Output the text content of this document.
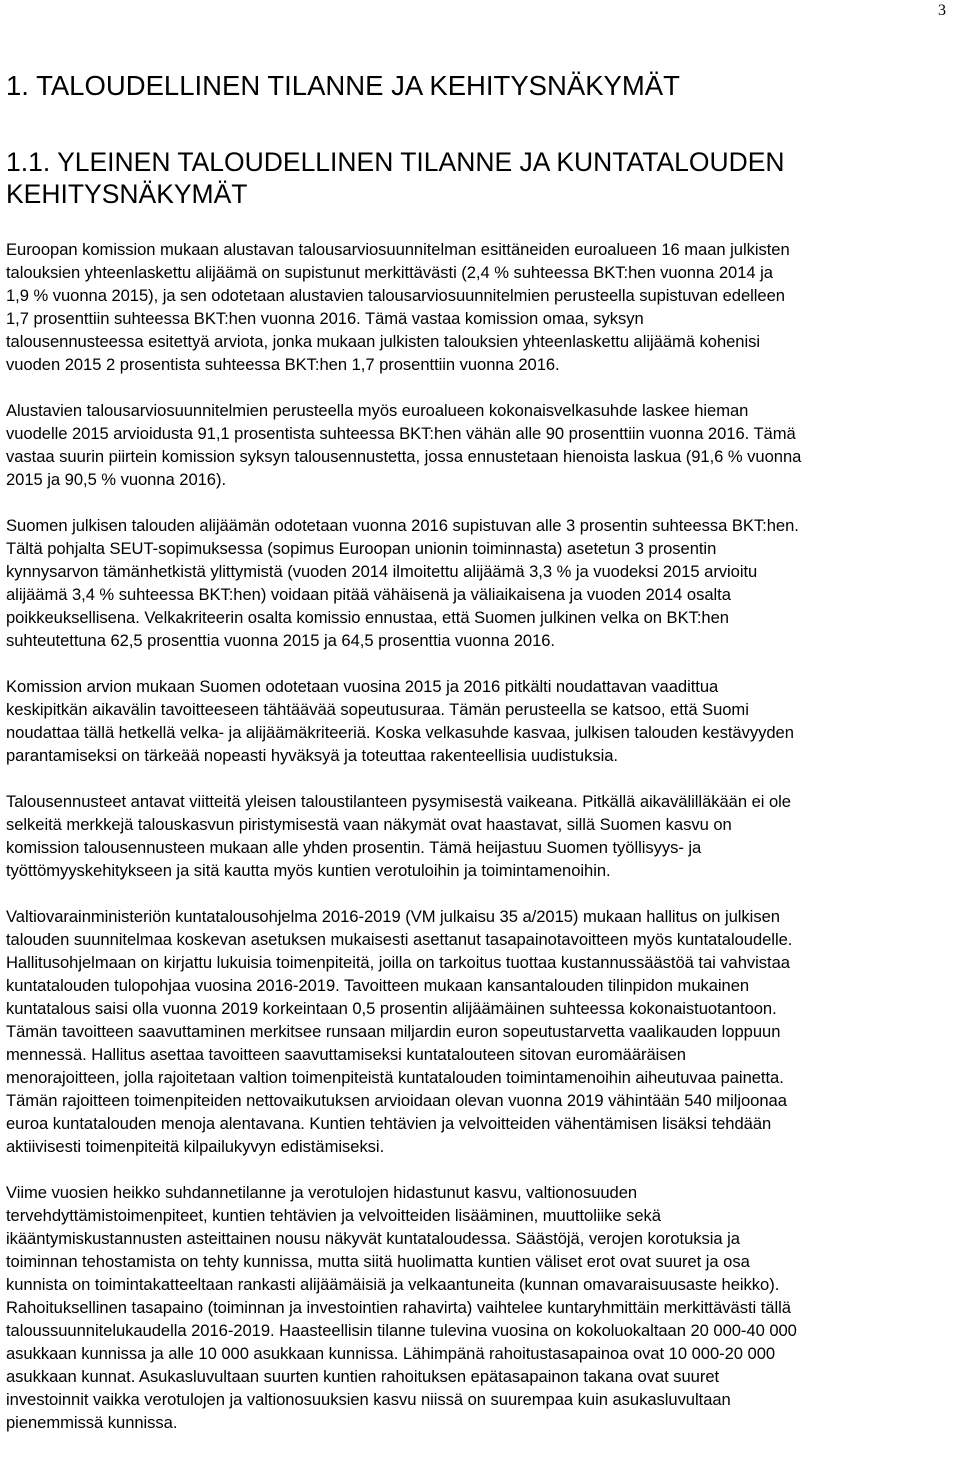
3
1. TALOUDELLINEN TILANNE JA KEHITYSNÄKYMÄT
1.1. YLEINEN TALOUDELLINEN TILANNE JA KUNTATALOUDEN
KEHITYSNÄKYMÄT

Euroopan komission mukaan alustavan talousarviosuunnitelman esittäneiden euroalueen 16 maan julkisten
talouksien yhteenlaskettu alijäämä on supistunut merkittävästi (2,4 % suhteessa BKT:hen vuonna 2014 ja
1,9 % vuonna 2015), ja sen odotetaan alustavien talousarviosuunnitelmien perusteella supistuvan edelleen
1,7 prosenttiin suhteessa BKT:hen vuonna 2016. Tämä vastaa komission omaa, syksyn
talousennusteessa esitettyä arviota, jonka mukaan julkisten talouksien yhteenlaskettu alijäämä kohenisi
vuoden 2015 2 prosentista suhteessa BKT:hen 1,7 prosenttiin vuonna 2016.

Alustavien talousarviosuunnitelmien perusteella myös euroalueen kokonaisvelkasuhde laskee hieman
vuodelle 2015 arvioidusta 91,1 prosentista suhteessa BKT:hen vähän alle 90 prosenttiin vuonna 2016. Tämä
vastaa suurin piirtein komission syksyn talousennustetta, jossa ennustetaan hienoista laskua (91,6 % vuonna
2015 ja 90,5 % vuonna 2016).

Suomen julkisen talouden alijäämän odotetaan vuonna 2016 supistuvan alle 3 prosentin suhteessa BKT:hen.
Tältä pohjalta SEUT-sopimuksessa (sopimus Euroopan unionin toiminnasta) asetetun 3 prosentin
kynnysarvon tämänhetkistä ylittymistä (vuoden 2014 ilmoitettu alijäämä 3,3 % ja vuodeksi 2015 arvioitu
alijäämä 3,4 % suhteessa BKT:hen) voidaan pitää vähäisenä ja väliaikaisena ja vuoden 2014 osalta
poikkeuksellisena. Velkakriteerin osalta komissio ennustaa, että Suomen julkinen velka on BKT:hen
suhteutettuna 62,5 prosenttia vuonna 2015 ja 64,5 prosenttia vuonna 2016.

Komission arvion mukaan Suomen odotetaan vuosina 2015 ja 2016 pitkälti noudattavan vaadittua
keskipitkän aikavälin tavoitteeseen tähtäävää sopeutusuraa. Tämän perusteella se katsoo, että Suomi
noudattaa tällä hetkellä velka- ja alijäämäkriteeriä. Koska velkasuhde kasvaa, julkisen talouden kestävyyden
parantamiseksi on tärkeää nopeasti hyväksyä ja toteuttaa rakenteellisia uudistuksia.

Talousennusteet antavat viitteitä yleisen taloustilanteen pysymisestä vaikeana. Pitkällä aikavälilläkään ei ole
selkeitä merkkejä talouskasvun piristymisestä vaan näkymät ovat haastavat, sillä Suomen kasvu on
komission talousennusteen mukaan alle yhden prosentin. Tämä heijastuu Suomen työllisyys- ja
työttömyyskehitykseen ja sitä kautta myös kuntien verotuloihin ja toimintamenoihin.

Valtiovarainministeriön kuntatalousohjelma 2016-2019 (VM julkaisu 35 a/2015) mukaan hallitus on julkisen
talouden suunnitelmaa koskevan asetuksen mukaisesti asettanut tasapainotavoitteen myös kuntataloudelle.
Hallitusohjelmaan on kirjattu lukuisia toimenpiteitä, joilla on tarkoitus tuottaa kustannussäästöä tai vahvistaa
kuntatalouden tulopohjaa vuosina 2016-2019. Tavoitteen mukaan kansantalouden tilinpidon mukainen
kuntatalous saisi olla vuonna 2019 korkeintaan 0,5 prosentin alijäämäinen suhteessa kokonaistuotantoon.
Tämän tavoitteen saavuttaminen merkitsee runsaan miljardin euron sopeutustarvetta vaalikauden loppuun
mennessä. Hallitus asettaa tavoitteen saavuttamiseksi kuntatalouteen sitovan euromääräisen
menorajoitteen, jolla rajoitetaan valtion toimenpiteistä kuntatalouden toimintamenoihin aiheutuvaa painetta.
Tämän rajoitteen toimenpiteiden nettovaikutuksen arvioidaan olevan vuonna 2019 vähintään 540 miljoonaa
euroa kuntatalouden menoja alentavana. Kuntien tehtävien ja velvoitteiden vähentämisen lisäksi tehdään
aktiivisesti toimenpiteitä kilpailukyvyn edistämiseksi.

Viime vuosien heikko suhdannetilanne ja verotulojen hidastunut kasvu, valtionosuuden
tervehdyttämistoimenpiteet, kuntien tehtävien ja velvoitteiden lisääminen, muuttoliike sekä
ikääntymiskustannusten asteittainen nousu näkyvät kuntataloudessa. Säästöjä, verojen korotuksia ja
toiminnan tehostamista on tehty kunnissa, mutta siitä huolimatta kuntien väliset erot ovat suuret ja osa
kunnista on toimintakatteeltaan rankasti alijäämäisiä ja velkaantuneita (kunnan omavaraisuusaste heikko).
Rahoituksellinen tasapaino (toiminnan ja investointien rahavirta) vaihtelee kuntaryhmittäin merkittävästi tällä
taloussuunnitelukaudella 2016-2019. Haasteellisin tilanne tulevina vuosina on kokoluokaltaan 20 000-40 000
asukkaan kunnissa ja alle 10 000 asukkaan kunnissa. Lähimpänä rahoitustasapainoa ovat 10 000-20 000
asukkaan kunnat. Asukasluvultaan suurten kuntien rahoituksen epätasapainon takana ovat suuret
investoinnit vaikka verotulojen ja valtionosuuksien kasvu niissä on suurempaa kuin asukasluvultaan
pienemmissä kunnissa.
